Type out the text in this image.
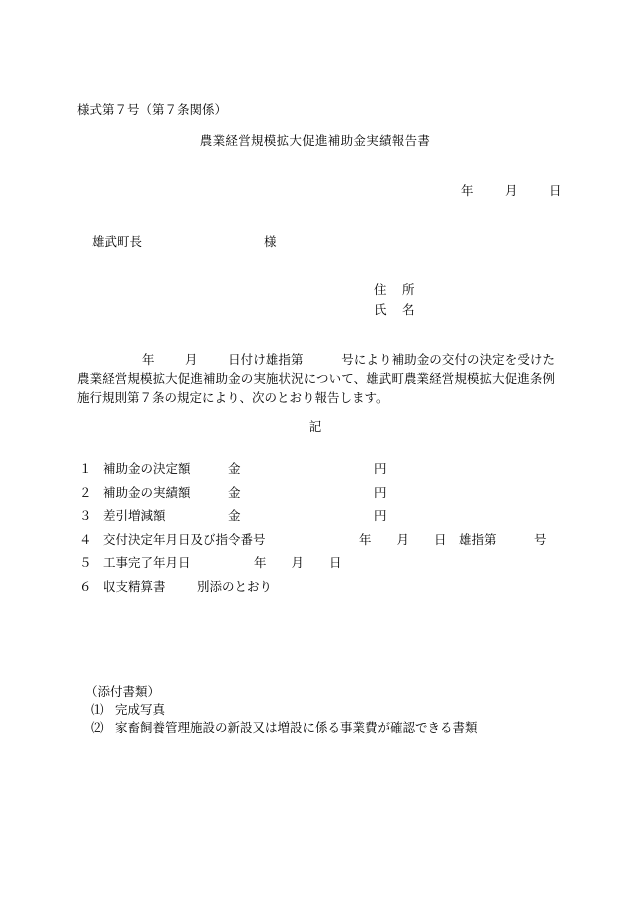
様式第７号（第７条関係）
農業経営規模拡大促進補助金実績報告書
年	月	日
雄武町長	様
住 所
氏 名
年 月 日付け雄指第　　　号により補助金の交付の決定を受けた農業経営規模拡大促進補助金の実施状況について、雄武町農業経営規模拡大促進条例施行規則第７条の規定により、次のとおり報告します。
記
１ 補助金の決定額	金	円
２ 補助金の実績額	金	円
３ 差引増減額	金	円
４ 交付決定年月日及び指令番号	年　　月　　日　雄指第　　　号
５ 工事完了年月日	年　　月　　日
６ 収支精算書	別添のとおり
（添付書類）
⑴ 完成写真
⑵ 家畜飼養管理施設の新設又は増設に係る事業費が確認できる書類
